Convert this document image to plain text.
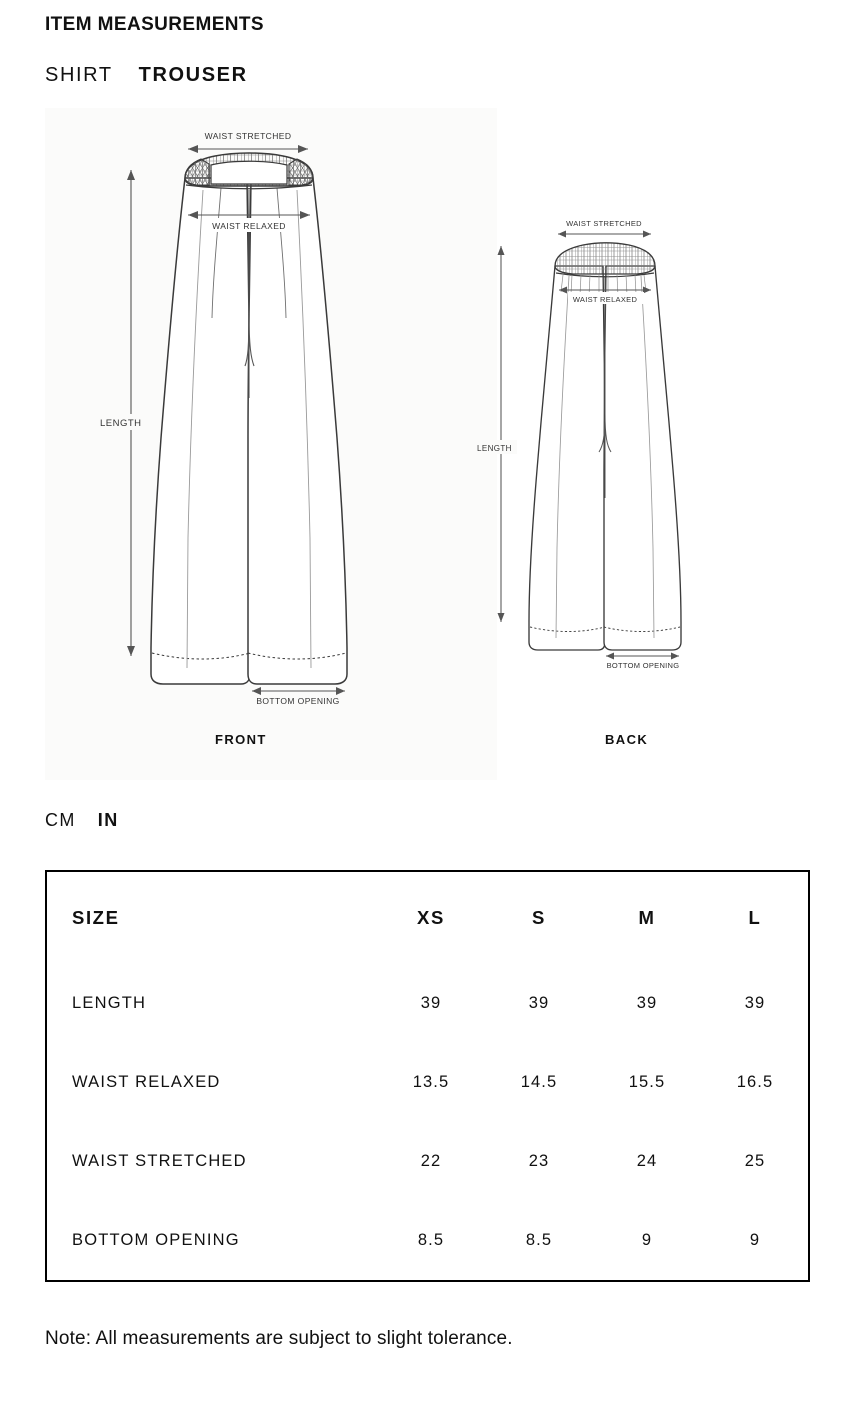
ITEM MEASUREMENTS
SHIRT TROUSER
LENGTH
WAIST STRETCHED
WAIST RELAXED
BOTTOM OPENING
LENGTH
WAIST STRETCHED
WAIST RELAXED
BOTTOM OPENING
FRONT	BACK
CM IN
SIZE	XS	S	M	L
LENGTH	39	39	39	39
WAIST RELAXED	13.5	14.5	15.5	16.5
WAIST STRETCHED	22	23	24	25
BOTTOM OPENING	8.5	8.5	9	9
Note: All measurements are subject to slight tolerance.
